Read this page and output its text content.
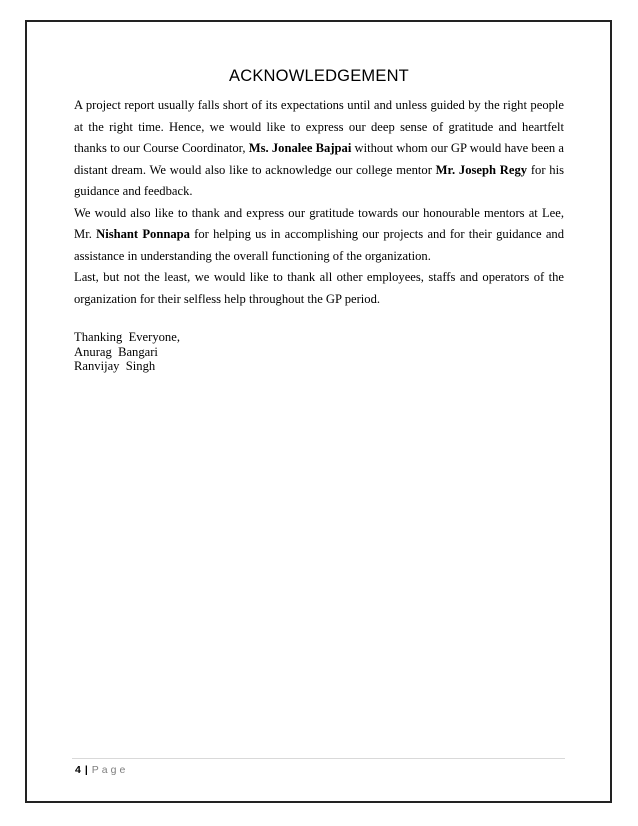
ACKNOWLEDGEMENT

A project report usually falls short of its expectations until and unless guided by the right people at the right time. Hence, we would like to express our deep sense of gratitude and heartfelt thanks to our Course Coordinator, Ms. Jonalee Bajpai without whom our GP would have been a distant dream. We would also like to acknowledge our college mentor Mr. Joseph Regy for his guidance and feedback.

We would also like to thank and express our gratitude towards our honourable mentors at Lee, Mr. Nishant Ponnapa for helping us in accomplishing our projects and for their guidance and assistance in understanding the overall functioning of the organization.

Last, but not the least, we would like to thank all other employees, staffs and operators of the organization for their selfless help throughout the GP period.

Thanking  Everyone,
Anurag  Bangari
Ranvijay  Singh
4 | Page
